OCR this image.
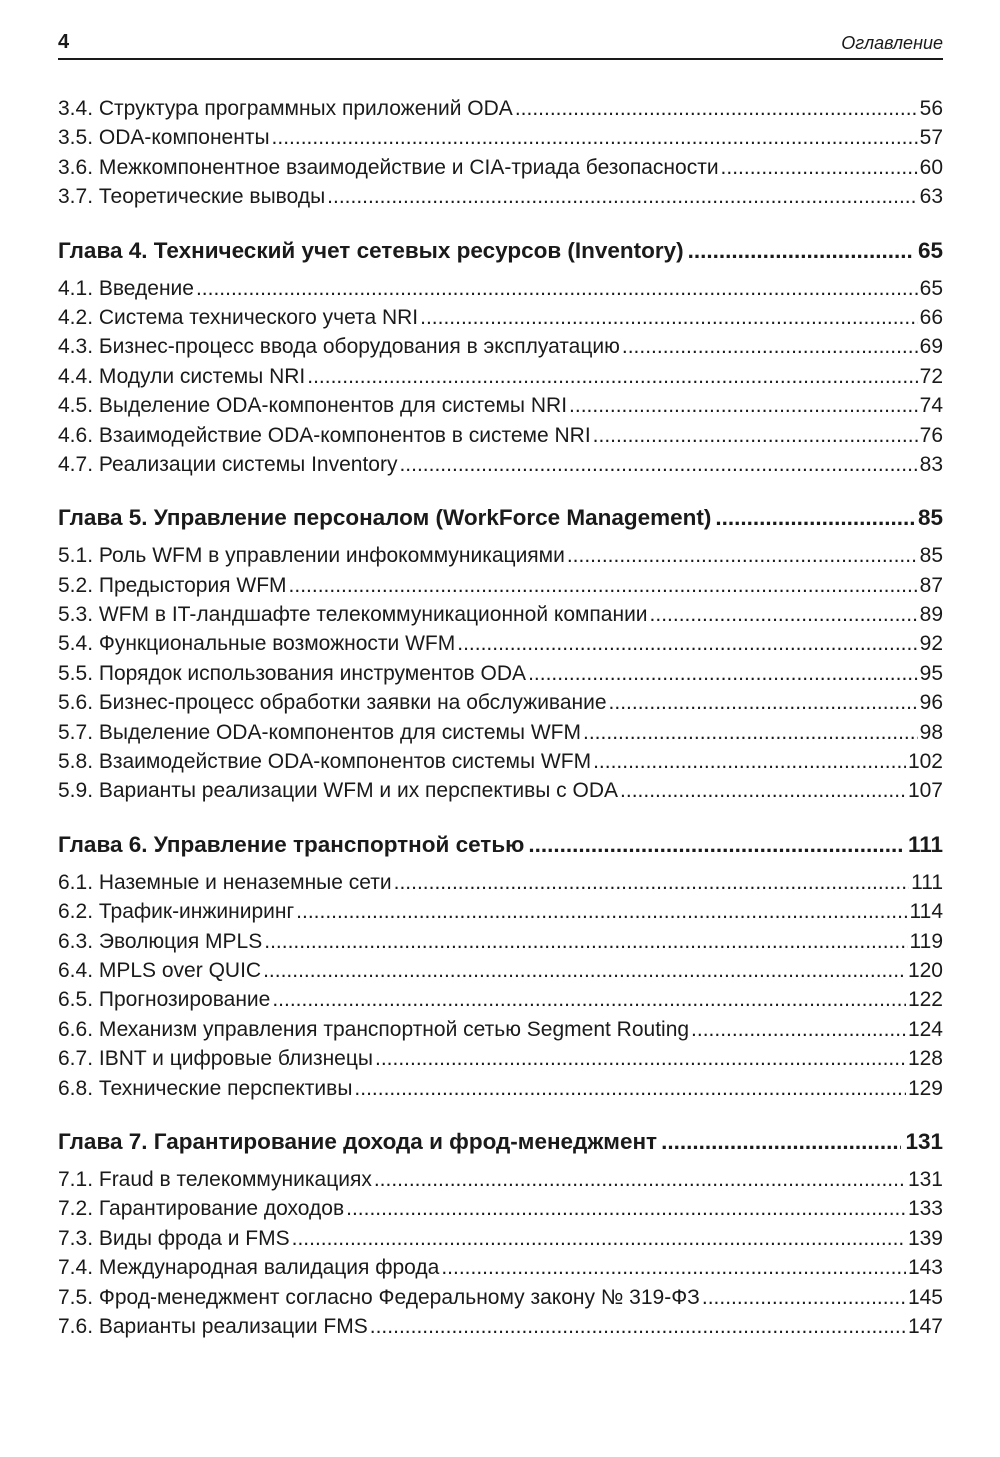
4	Оглавление
3.4. Структура программных приложений ODA .....	56
3.5. ODA-компоненты .....	57
3.6. Межкомпонентное взаимодействие и CIA-триада безопасности .....	60
3.7. Теоретические выводы .....	63
Глава 4. Технический учет сетевых ресурсов (Inventory) .....	65
4.1. Введение .....	65
4.2. Система технического учета NRI .....	66
4.3. Бизнес-процесс ввода оборудования в эксплуатацию .....	69
4.4. Модули системы NRI .....	72
4.5. Выделение ODA-компонентов для системы NRI .....	74
4.6. Взаимодействие ODA-компонентов в системе NRI .....	76
4.7. Реализации системы Inventory .....	83
Глава 5. Управление персоналом (WorkForce Management) .....	85
5.1. Роль WFM в управлении инфокоммуникациями .....	85
5.2. Предыстория WFM .....	87
5.3. WFM в IT-ландшафте телекоммуникационной компании .....	89
5.4. Функциональные возможности WFM .....	92
5.5. Порядок использования инструментов ODA .....	95
5.6. Бизнес-процесс обработки заявки на обслуживание .....	96
5.7. Выделение ODA-компонентов для системы WFM .....	98
5.8. Взаимодействие ODA-компонентов системы WFM .....	102
5.9. Варианты реализации WFM и их перспективы с ODA .....	107
Глава 6. Управление транспортной сетью .....	111
6.1. Наземные и неназемные сети .....	111
6.2. Трафик-инжиниринг .....	114
6.3. Эволюция MPLS .....	119
6.4. MPLS over QUIC .....	120
6.5. Прогнозирование .....	122
6.6. Механизм управления транспортной сетью Segment Routing .....	124
6.7. IBNT и цифровые близнецы .....	128
6.8. Технические перспективы .....	129
Глава 7. Гарантирование дохода и фрод-менеджмент .....	131
7.1. Fraud в телекоммуникациях .....	131
7.2. Гарантирование доходов .....	133
7.3. Виды фрода и FMS .....	139
7.4. Международная валидация фрода .....	143
7.5. Фрод-менеджмент согласно Федеральному закону № 319-ФЗ .....	145
7.6. Варианты реализации FMS .....	147
